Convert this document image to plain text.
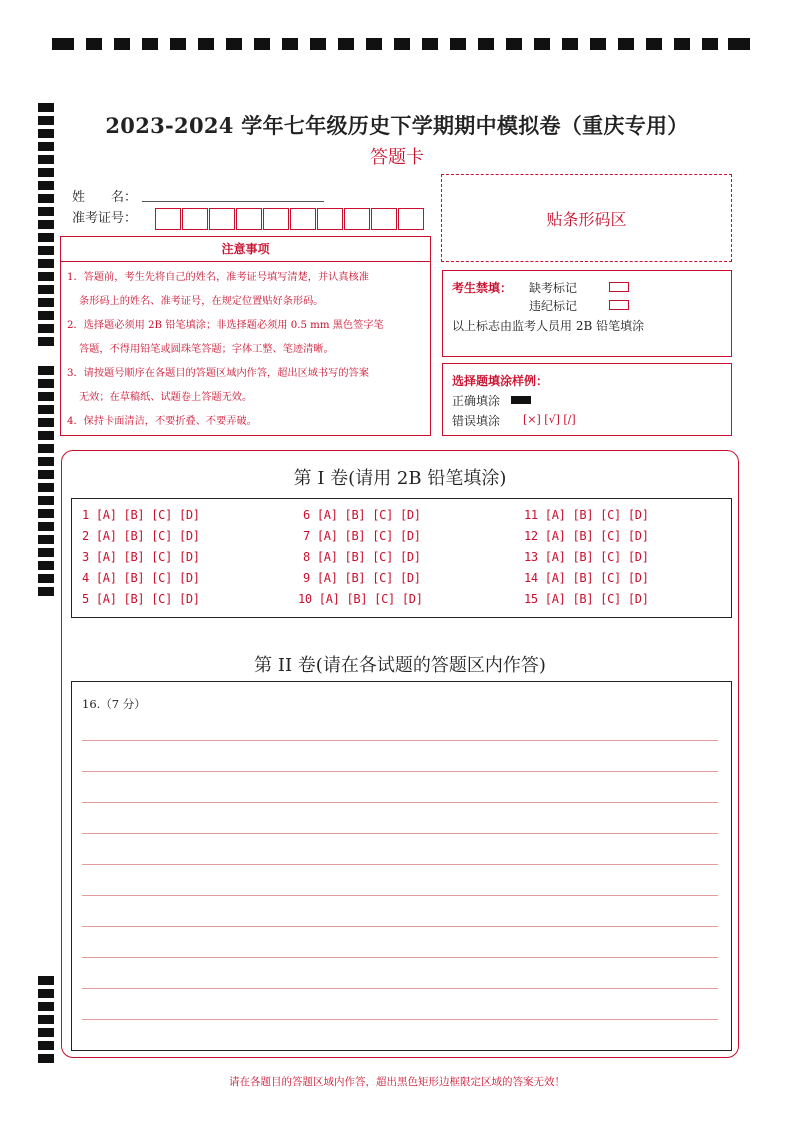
2023-2024 学年七年级历史下学期期中模拟卷（重庆专用）
答题卡
姓　　名：
准考证号：	贴条形码区
注意事项

1．答题前，考生先将自己的姓名，准考证号填写清楚，并认真核准

条形码上的姓名、准考证号，在规定位置贴好条形码。

2．选择题必须用 2B 铅笔填涂；非选择题必须用 0.5 mm 黑色签字笔

答题，不得用铅笔或圆珠笔答题；字体工整、笔迹清晰。

3．请按题号顺序在各题目的答题区域内作答，超出区域书写的答案

无效；在草稿纸、试题卷上答题无效。

4．保持卡面清洁，不要折叠、不要弄破。

考生禁填： 缺考标记
违纪标记
以上标志由监考人员用 2B 铅笔填涂
选择题填涂样例：
正确填涂
错误填涂 [×] [√] [/]
第 I 卷(请用 2B 铅笔填涂)
1 [A] [B] [C] [D]
2 [A] [B] [C] [D]
3 [A] [B] [C] [D]
4 [A] [B] [C] [D]
5 [A] [B] [C] [D]
6 [A] [B] [C] [D]
7 [A] [B] [C] [D]
8 [A] [B] [C] [D]
9 [A] [B] [C] [D]
10 [A] [B] [C] [D]
11 [A] [B] [C] [D]
12 [A] [B] [C] [D]
13 [A] [B] [C] [D]
14 [A] [B] [C] [D]
15 [A] [B] [C] [D]
第 II 卷(请在各试题的答题区内作答)
16.（7 分）
请在各题目的答题区域内作答，超出黑色矩形边框限定区域的答案无效！
